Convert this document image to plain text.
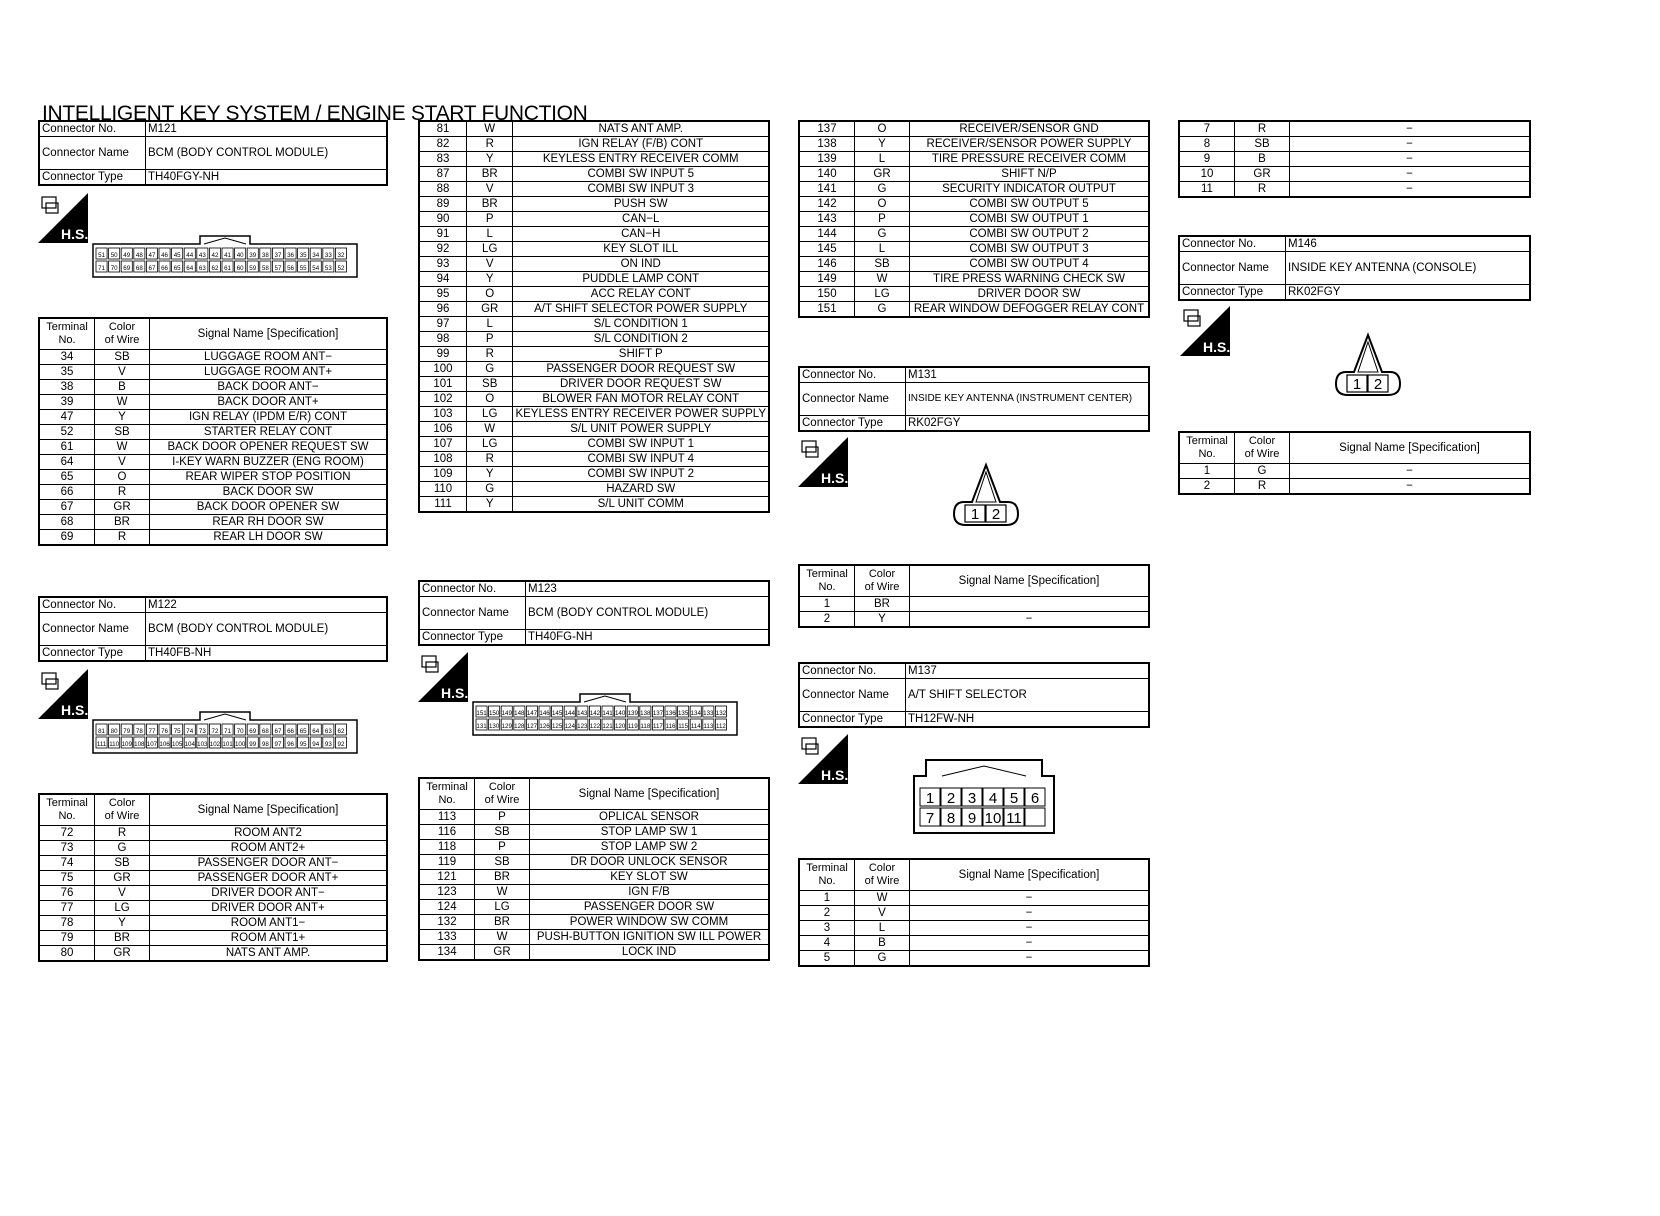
INTELLIGENT KEY SYSTEM / ENGINE START FUNCTION
Connector No.	M121
Connector Name	BCM (BODY CONTROL MODULE)
Connector Type	TH40FGY-NH
H.S.
51
71
50
70
49
69
48
68
47
67
46
66
45
65
44
64
43
63
42
62
41
61
40
60
39
59
38
58
37
57
36
56
35
55
34
54
33
53
32
52
Terminal
No.	Color
of Wire	Signal Name [Specification]
34	SB	LUGGAGE ROOM ANT−
35	V	LUGGAGE ROOM ANT+
38	B	BACK DOOR ANT−
39	W	BACK DOOR ANT+
47	Y	IGN RELAY (IPDM E/R) CONT
52	SB	STARTER RELAY CONT
61	W	BACK DOOR OPENER REQUEST SW
64	V	I-KEY WARN BUZZER (ENG ROOM)
65	O	REAR WIPER STOP POSITION
66	R	BACK DOOR SW
67	GR	BACK DOOR OPENER SW
68	BR	REAR RH DOOR SW
69	R	REAR LH DOOR SW
Connector No.	M122
Connector Name	BCM (BODY CONTROL MODULE)
Connector Type	TH40FB-NH
H.S.
81
111
80
110
79
109
78
108
77
107
76
106
75
105
74
104
73
103
72
102
71
101
70
100
69
99
68
98
67
97
66
96
65
95
64
94
63
93
62
92
Terminal
No.	Color
of Wire	Signal Name [Specification]
72	R	ROOM ANT2
73	G	ROOM ANT2+
74	SB	PASSENGER DOOR ANT−
75	GR	PASSENGER DOOR ANT+
76	V	DRIVER DOOR ANT−
77	LG	DRIVER DOOR ANT+
78	Y	ROOM ANT1−
79	BR	ROOM ANT1+
80	GR	NATS ANT AMP.
81	W	NATS ANT AMP.
82	R	IGN RELAY (F/B) CONT
83	Y	KEYLESS ENTRY RECEIVER COMM
87	BR	COMBI SW INPUT 5
88	V	COMBI SW INPUT 3
89	BR	PUSH SW
90	P	CAN−L
91	L	CAN−H
92	LG	KEY SLOT ILL
93	V	ON IND
94	Y	PUDDLE LAMP CONT
95	O	ACC RELAY CONT
96	GR	A/T SHIFT SELECTOR POWER SUPPLY
97	L	S/L CONDITION 1
98	P	S/L CONDITION 2
99	R	SHIFT P
100	G	PASSENGER DOOR REQUEST SW
101	SB	DRIVER DOOR REQUEST SW
102	O	BLOWER FAN MOTOR RELAY CONT
103	LG	KEYLESS ENTRY RECEIVER POWER SUPPLY
106	W	S/L UNIT POWER SUPPLY
107	LG	COMBI SW INPUT 1
108	R	COMBI SW INPUT 4
109	Y	COMBI SW INPUT 2
110	G	HAZARD SW
111	Y	S/L UNIT COMM
Connector No.	M123
Connector Name	BCM (BODY CONTROL MODULE)
Connector Type	TH40FG-NH
H.S.
151
131
150
130
149
129
148
128
147
127
146
126
145
125
144
124
143
123
142
122
141
121
140
120
139
119
138
118
137
117
136
116
135
115
134
114
133
113
132
112
Terminal
No.	Color
of Wire	Signal Name [Specification]
113	P	OPLICAL SENSOR
116	SB	STOP LAMP SW 1
118	P	STOP LAMP SW 2
119	SB	DR DOOR UNLOCK SENSOR
121	BR	KEY SLOT SW
123	W	IGN F/B
124	LG	PASSENGER DOOR SW
132	BR	POWER WINDOW SW COMM
133	W	PUSH-BUTTON IGNITION SW ILL POWER
134	GR	LOCK IND
137	O	RECEIVER/SENSOR GND
138	Y	RECEIVER/SENSOR POWER SUPPLY
139	L	TIRE PRESSURE RECEIVER COMM
140	GR	SHIFT N/P
141	G	SECURITY INDICATOR OUTPUT
142	O	COMBI SW OUTPUT 5
143	P	COMBI SW OUTPUT 1
144	G	COMBI SW OUTPUT 2
145	L	COMBI SW OUTPUT 3
146	SB	COMBI SW OUTPUT 4
149	W	TIRE PRESS WARNING CHECK SW
150	LG	DRIVER DOOR SW
151	G	REAR WINDOW DEFOGGER RELAY CONT
Connector No.	M131
Connector Name	INSIDE KEY ANTENNA (INSTRUMENT CENTER)
Connector Type	RK02FGY
H.S.
1 2
Terminal
No.	Color
of Wire	Signal Name [Specification]
1	BR	
2	Y	−
Connector No.	M137
Connector Name	A/T SHIFT SELECTOR
Connector Type	TH12FW-NH
H.S.
1 2 3 4 5 6
7 8 9 10 11
Terminal
No.	Color
of Wire	Signal Name [Specification]
1	W	−
2	V	−
3	L	−
4	B	−
5	G	−
7	R	−
8	SB	−
9	B	−
10	GR	−
11	R	−
Connector No.	M146
Connector Name	INSIDE KEY ANTENNA (CONSOLE)
Connector Type	RK02FGY
H.S.
1 2
Terminal
No.	Color
of Wire	Signal Name [Specification]
1	G	−
2	R	−
